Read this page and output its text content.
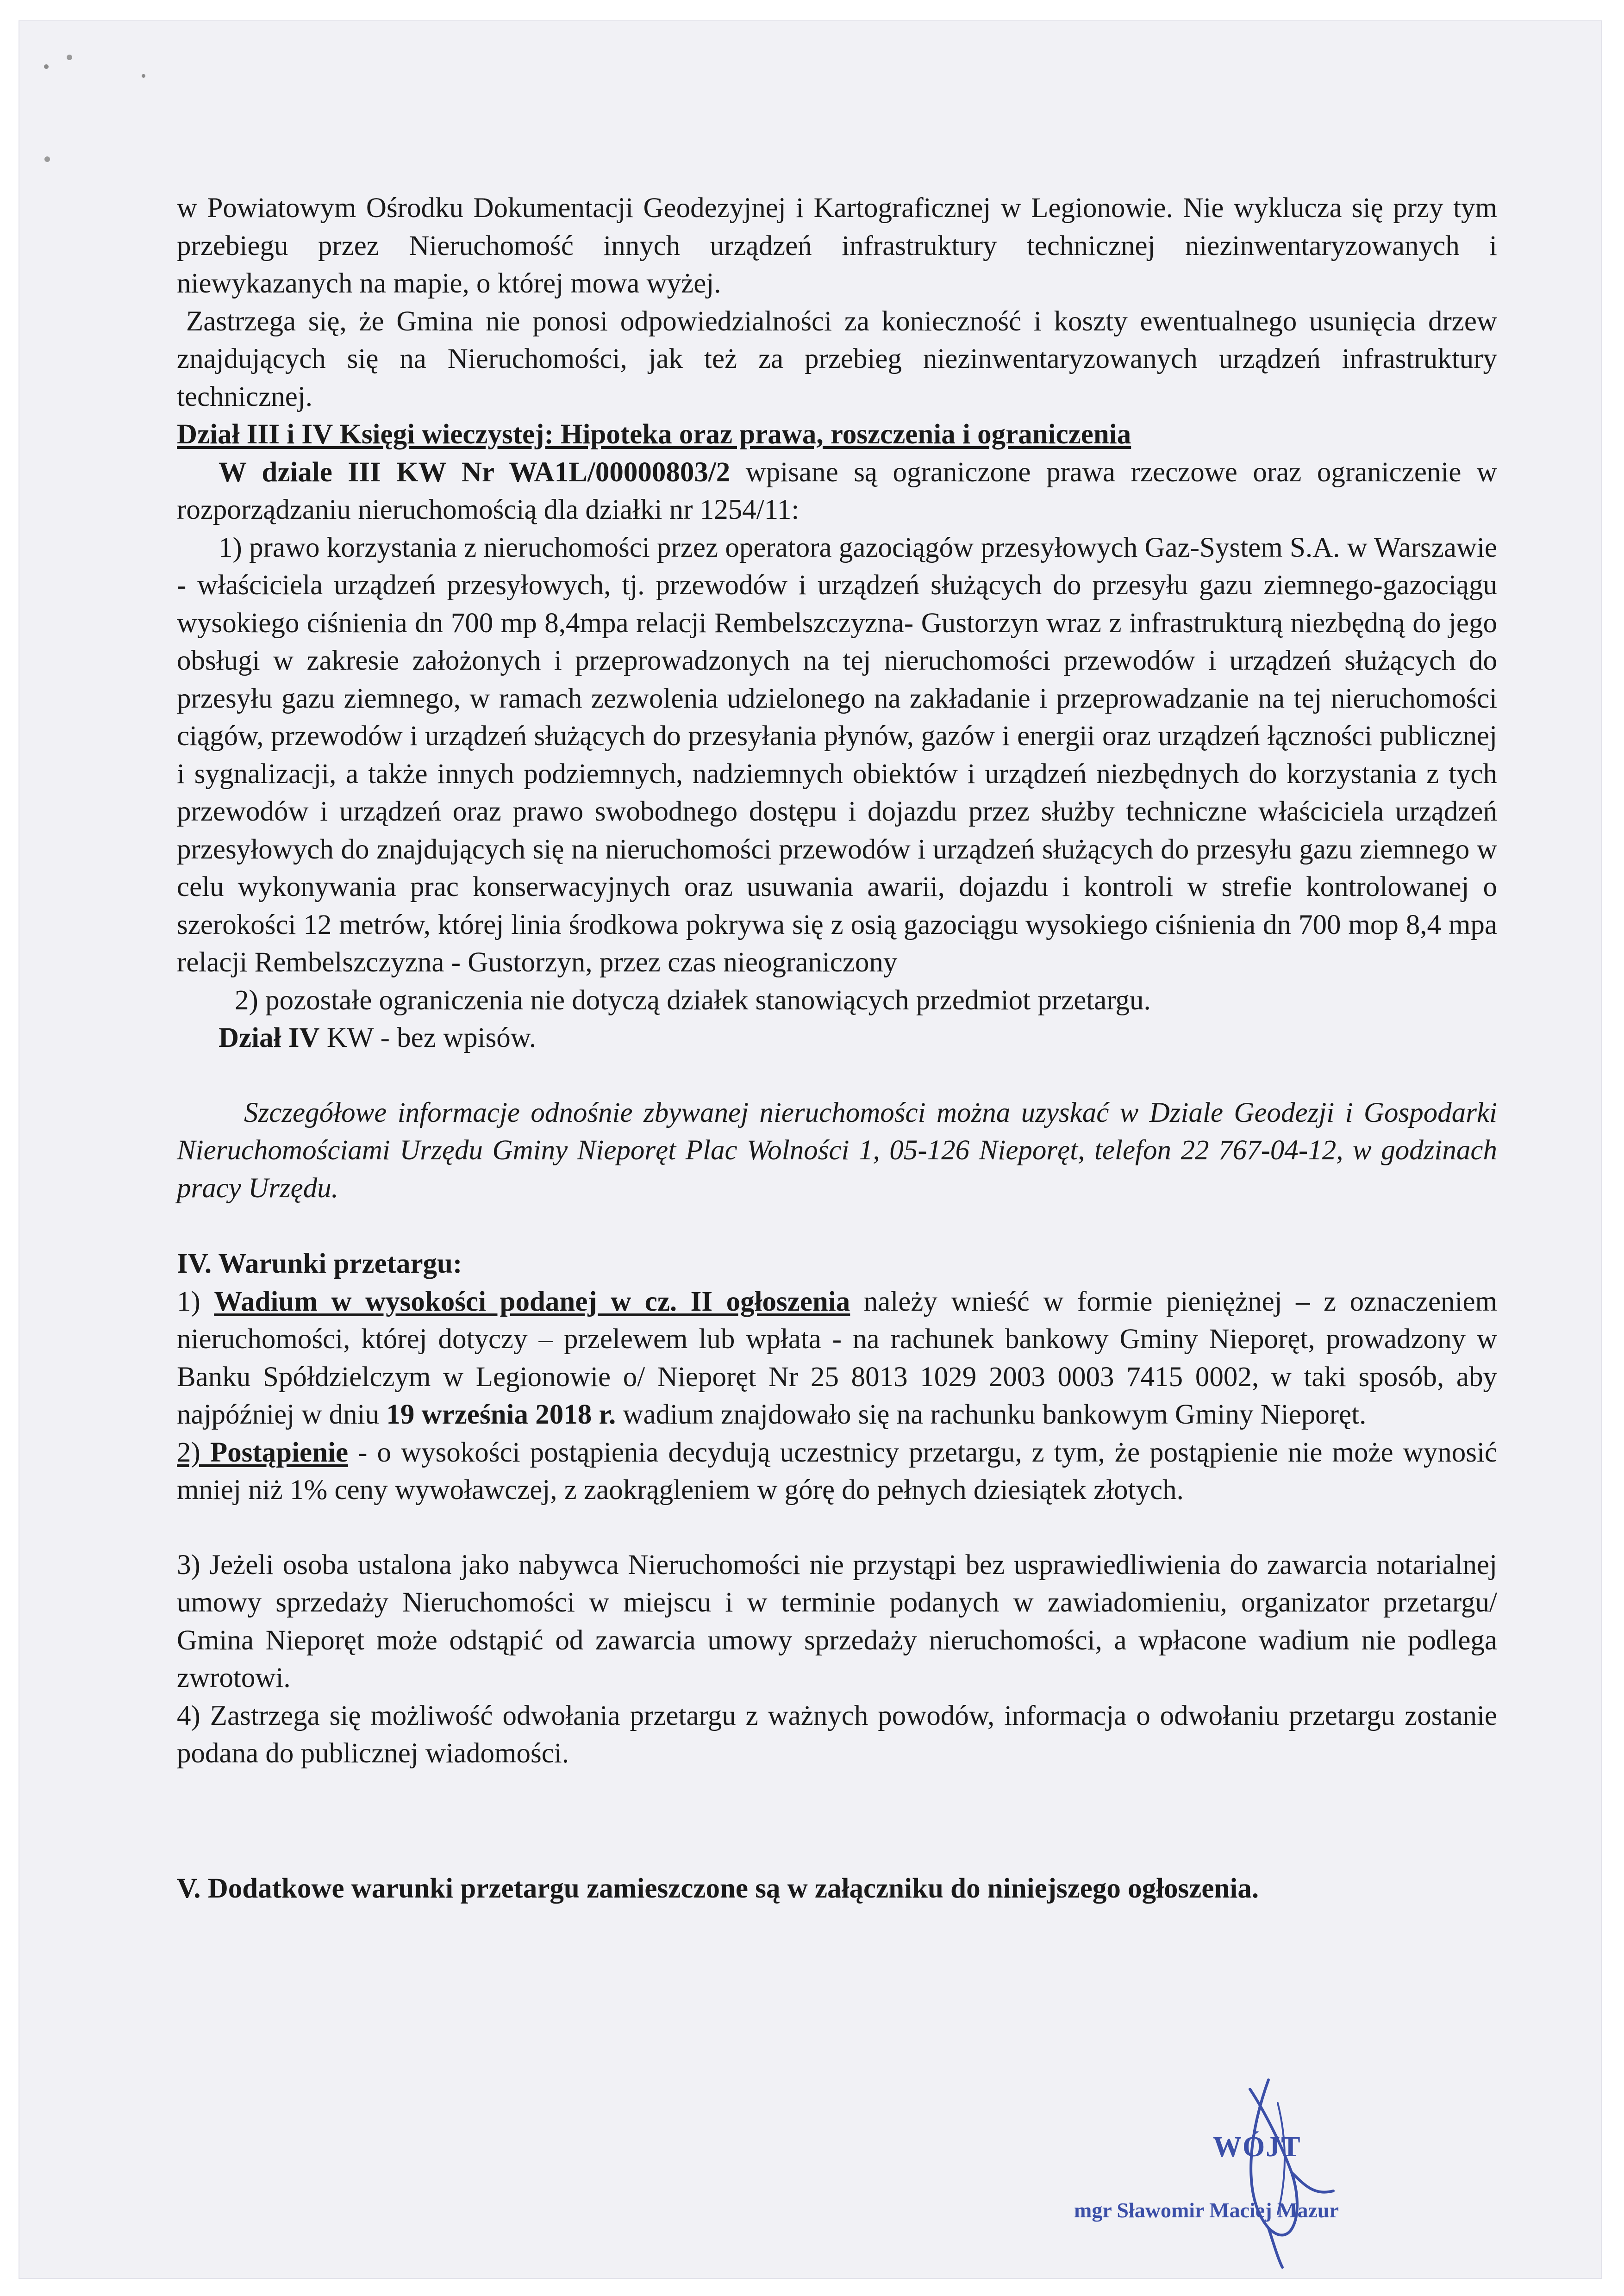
w Powiatowym Ośrodku Dokumentacji Geodezyjnej i Kartograficznej w Legionowie. Nie wyklucza się przy tym przebiegu przez Nieruchomość innych urządzeń infrastruktury technicznej niezinwentaryzowanych i niewykazanych na mapie, o której mowa wyżej.

Zastrzega się, że Gmina nie ponosi odpowiedzialności za konieczność i koszty ewentualnego usunięcia drzew znajdujących się na Nieruchomości, jak też za przebieg niezinwentaryzowanych urządzeń infrastruktury technicznej.

Dział III i IV Księgi wieczystej: Hipoteka oraz prawa, roszczenia i ograniczenia

W dziale III KW Nr WA1L/00000803/2 wpisane są ograniczone prawa rzeczowe oraz ograniczenie w rozporządzaniu nieruchomością dla działki nr 1254/11:

1) prawo korzystania z nieruchomości przez operatora gazociągów przesyłowych Gaz-System S.A. w Warszawie - właściciela urządzeń przesyłowych, tj. przewodów i urządzeń służących do przesyłu gazu ziemnego-gazociągu wysokiego ciśnienia dn 700 mp 8,4mpa relacji Rembelszczyzna- Gustorzyn wraz z infrastrukturą niezbędną do jego obsługi w zakresie założonych i przeprowadzonych na tej nieruchomości przewodów i urządzeń służących do przesyłu gazu ziemnego, w ramach zezwolenia udzielonego na zakładanie i przeprowadzanie na tej nieruchomości ciągów, przewodów i urządzeń służących do przesyłania płynów, gazów i energii oraz urządzeń łączności publicznej i sygnalizacji, a także innych podziemnych, nadziemnych obiektów i urządzeń niezbędnych do korzystania z tych przewodów i urządzeń oraz prawo swobodnego dostępu i dojazdu przez służby techniczne właściciela urządzeń przesyłowych do znajdujących się na nieruchomości przewodów i urządzeń służących do przesyłu gazu ziemnego w celu wykonywania prac konserwacyjnych oraz usuwania awarii, dojazdu i kontroli w strefie kontrolowanej o szerokości 12 metrów, której linia środkowa pokrywa się z osią gazociągu wysokiego ciśnienia dn 700 mop 8,4 mpa relacji Rembelszczyzna - Gustorzyn, przez czas nieograniczony

2) pozostałe ograniczenia nie dotyczą działek stanowiących przedmiot przetargu.

Dział IV KW - bez wpisów.

Szczegółowe informacje odnośnie zbywanej nieruchomości można uzyskać w Dziale Geodezji i Gospodarki Nieruchomościami Urzędu Gminy Nieporęt Plac Wolności 1, 05-126 Nieporęt, telefon 22 767-04-12, w godzinach pracy Urzędu.

IV. Warunki przetargu:

1) Wadium w wysokości podanej w cz. II ogłoszenia należy wnieść w formie pieniężnej – z oznaczeniem nieruchomości, której dotyczy – przelewem lub wpłata - na rachunek bankowy Gminy Nieporęt, prowadzony w Banku Spółdzielczym w Legionowie o/ Nieporęt Nr 25 8013 1029 2003 0003 7415 0002, w taki sposób, aby najpóźniej w dniu 19 września 2018 r. wadium znajdowało się na rachunku bankowym Gminy Nieporęt.

2) Postąpienie - o wysokości postąpienia decydują uczestnicy przetargu, z tym, że postąpienie nie może wynosić mniej niż 1% ceny wywoławczej, z zaokrągleniem w górę do pełnych dziesiątek złotych.

3) Jeżeli osoba ustalona jako nabywca Nieruchomości nie przystąpi bez usprawiedliwienia do zawarcia notarialnej umowy sprzedaży Nieruchomości w miejscu i w terminie podanych w zawiadomieniu, organizator przetargu/ Gmina Nieporęt może odstąpić od zawarcia umowy sprzedaży nieruchomości, a wpłacone wadium nie podlega zwrotowi.

4) Zastrzega się możliwość odwołania przetargu z ważnych powodów, informacja o odwołaniu przetargu zostanie podana do publicznej wiadomości.

V. Dodatkowe warunki przetargu zamieszczone są w załączniku do niniejszego ogłoszenia.

WÓJT
mgr Sławomir Maciej Mazur
